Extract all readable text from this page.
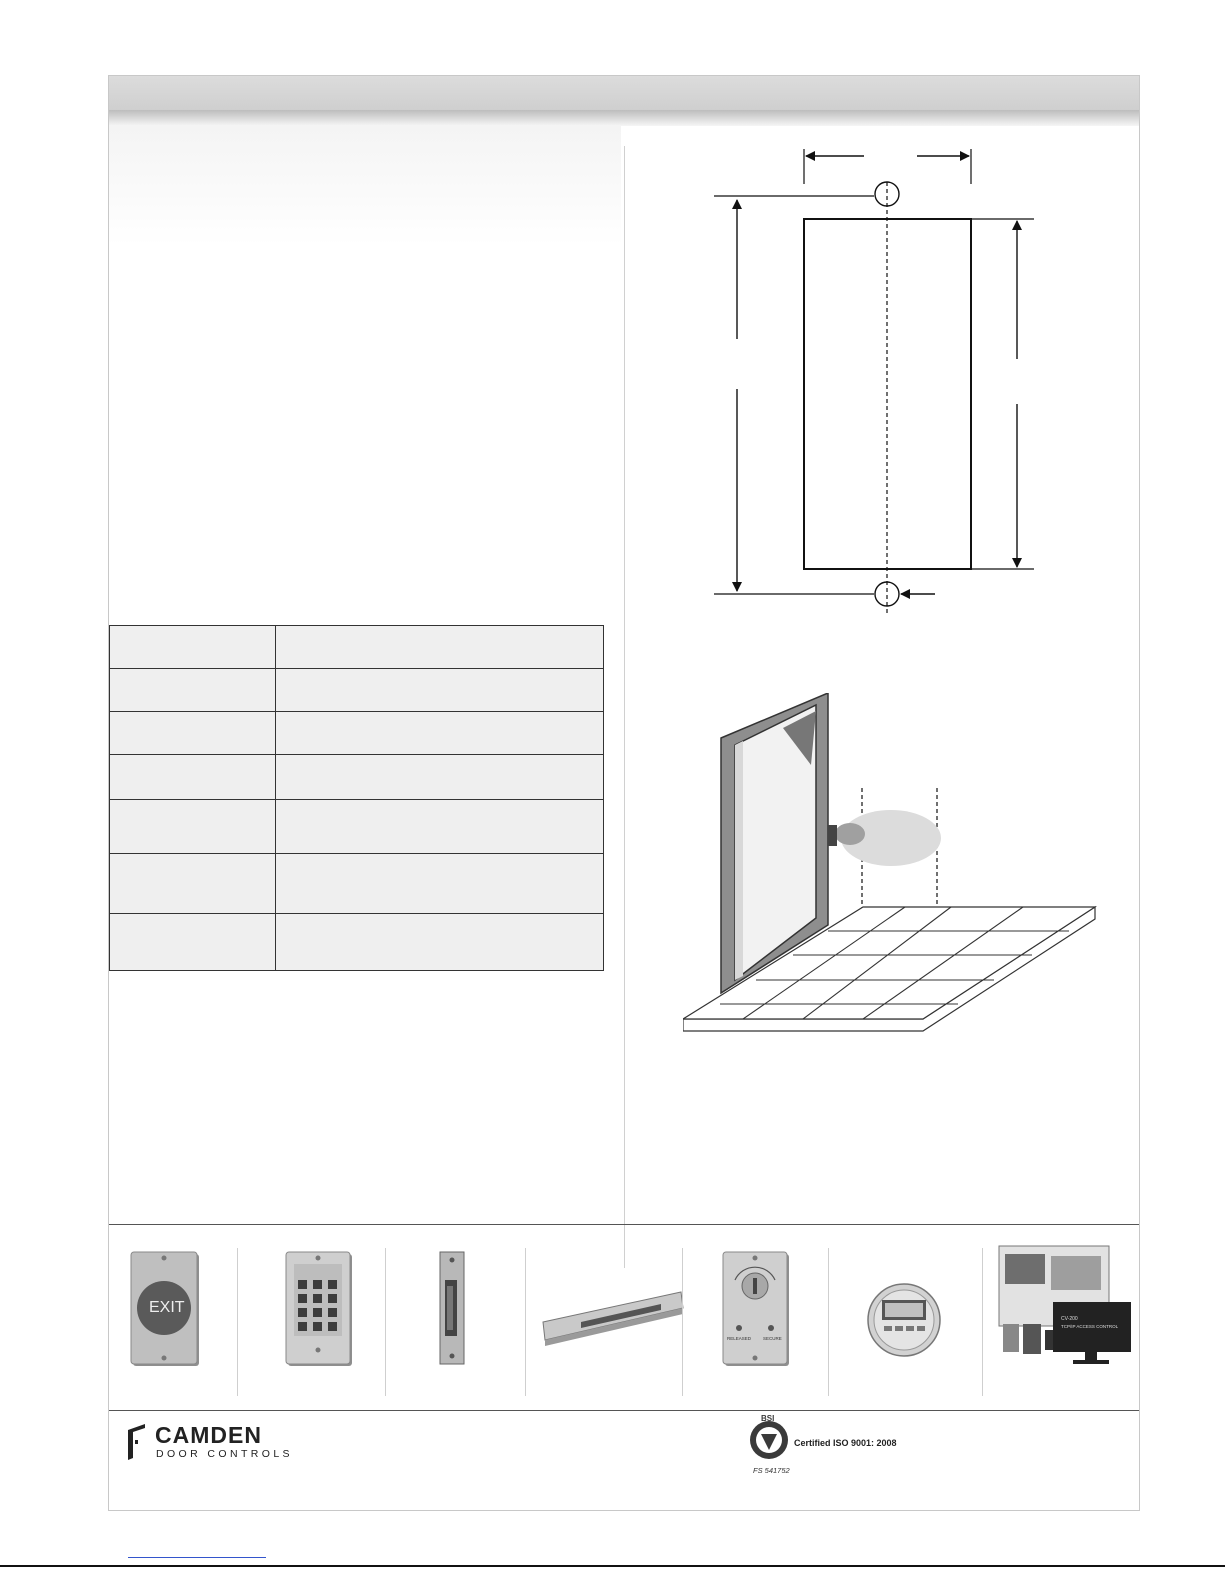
EXIT
RELEASED	SECURE
CV-200
TCP/IP ACCESS CONTROL
CAMDEN
DOOR CONTROLS
BSI
Certified ISO 9001: 2008
FS 541752
